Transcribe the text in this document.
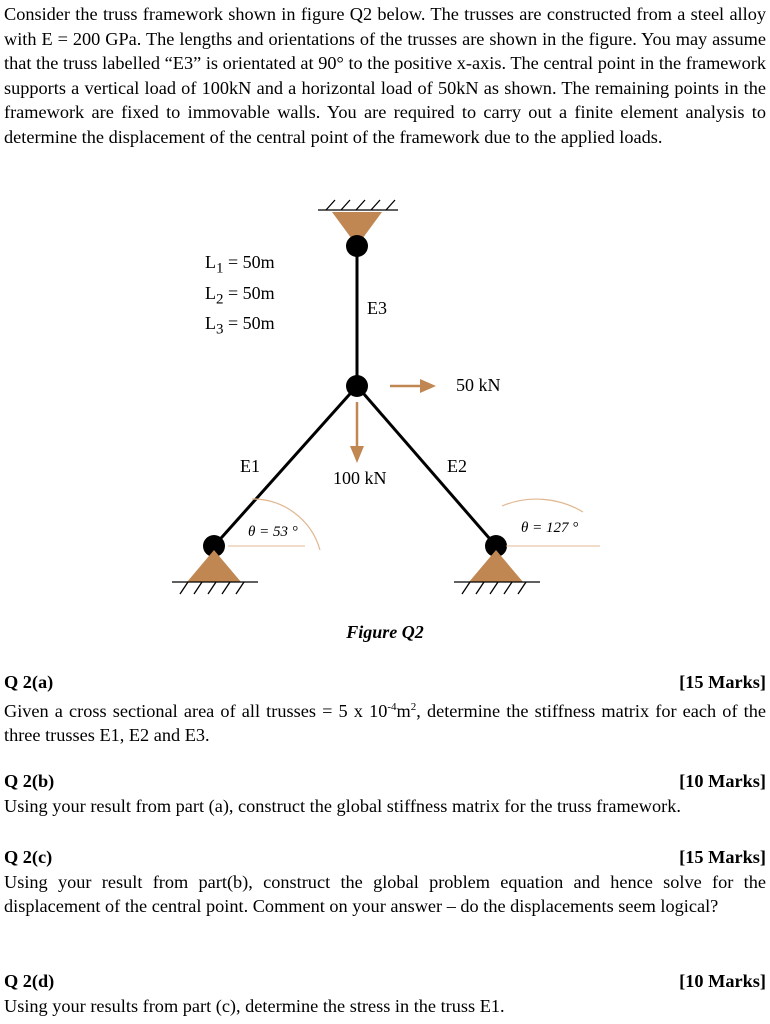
Consider the truss framework shown in figure Q2 below. The trusses are constructed from a steel alloy with E = 200 GPa. The lengths and orientations of the trusses are shown in the figure. You may assume that the truss labelled “E3” is orientated at 90° to the positive x-axis. The central point in the framework supports a vertical load of 100kN and a horizontal load of 50kN as shown. The remaining points in the framework are fixed to immovable walls. You are required to carry out a finite element analysis to determine the displacement of the central point of the framework due to the applied loads.
$L_1 = 50m$
$L_2 = 50m$
$L_3 = 50m$
E3
E1	E2
50 kN
100 kN
θ = 53 °	θ = 127 °
Figure Q2
Q 2(a)	[15 Marks]
Given a cross sectional area of all trusses = 5 x $10^{-4}m^2$, determine the stiffness matrix for each of the three trusses E1, E2 and E3.
Q 2(b)	[10 Marks]
Using your result from part (a), construct the global stiffness matrix for the truss framework.
Q 2(c)	[15 Marks]
Using your result from part(b), construct the global problem equation and hence solve for the displacement of the central point. Comment on your answer – do the displacements seem logical?
Q 2(d)	[10 Marks]
Using your results from part (c), determine the stress in the truss E1.
